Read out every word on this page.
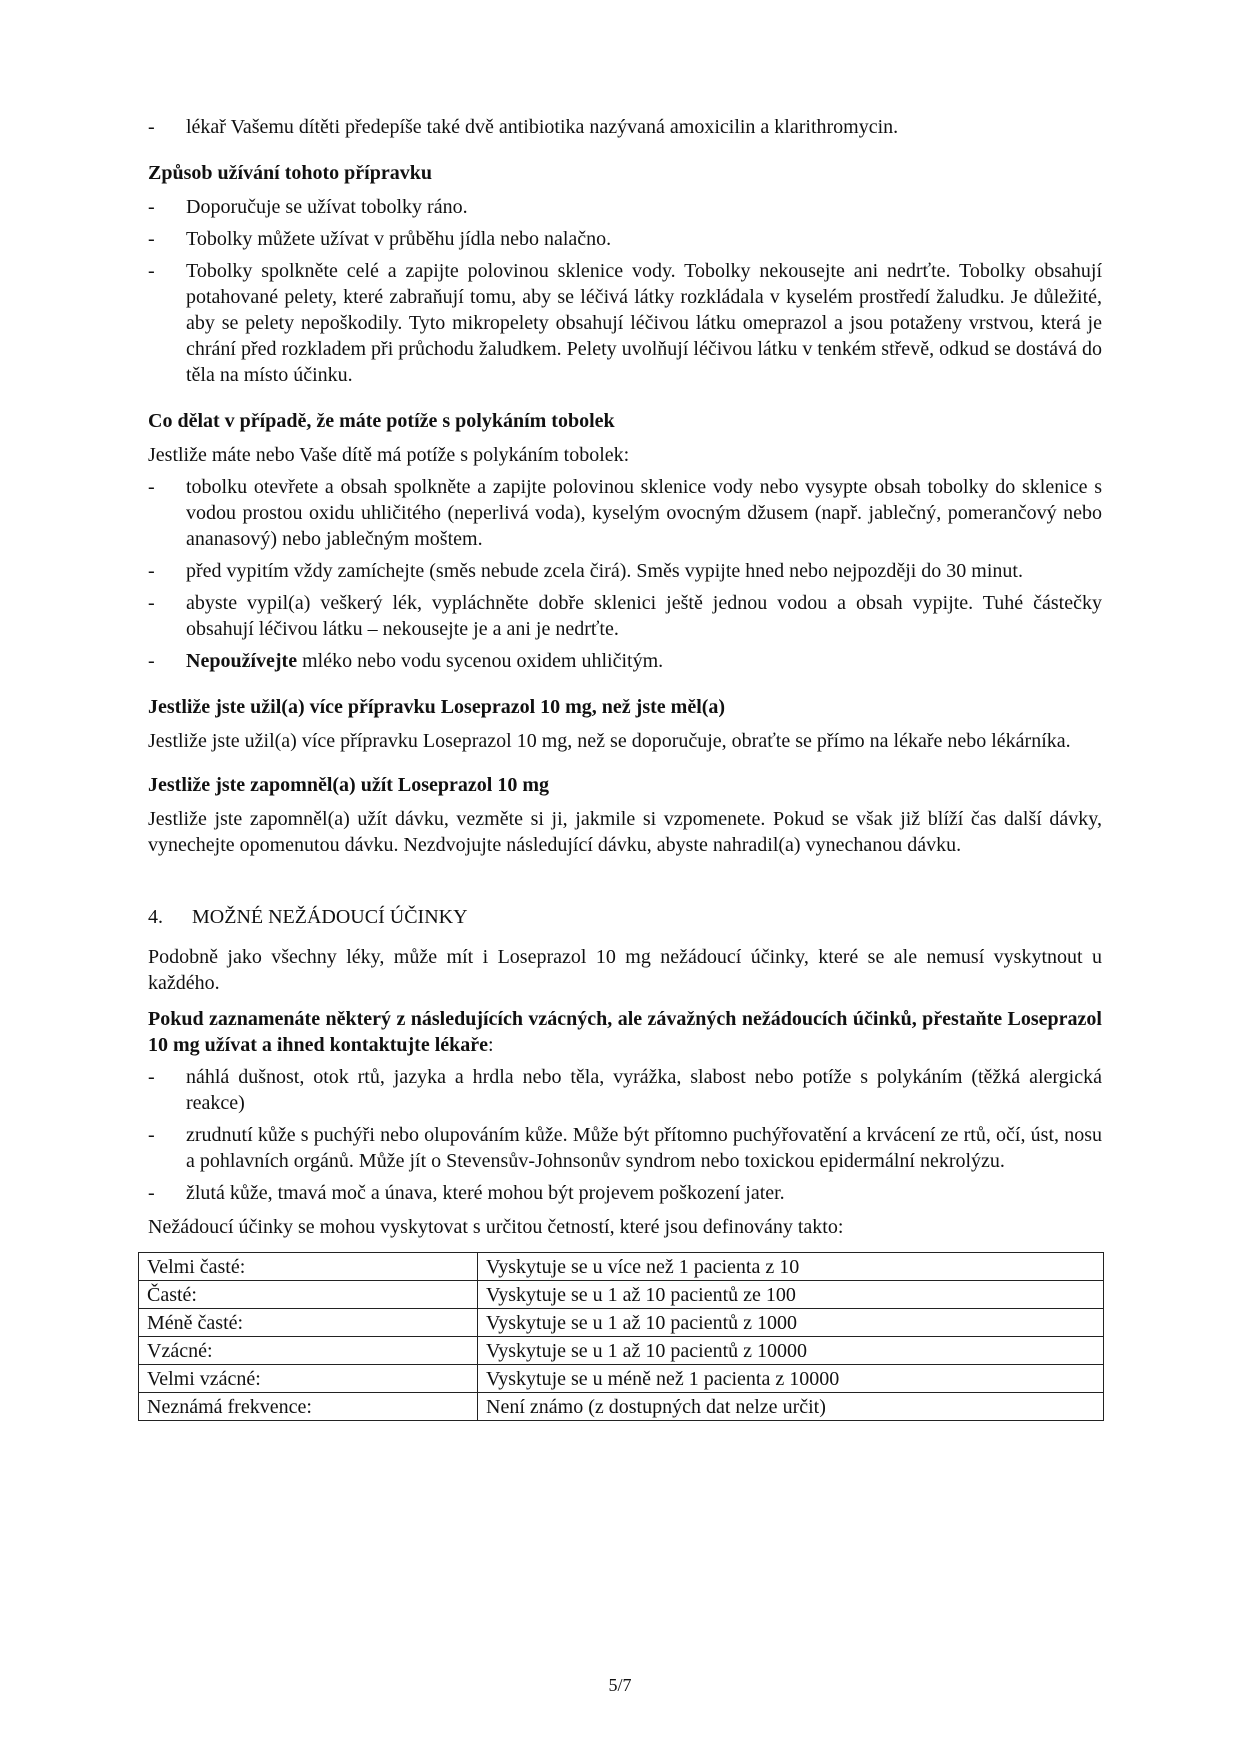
- lékař Vašemu dítěti předepíše také dvě antibiotika nazývaná amoxicilin a klarithromycin.

Způsob užívání tohoto přípravku

- Doporučuje se užívat tobolky ráno.
- Tobolky můžete užívat v průběhu jídla nebo nalačno.
- Tobolky spolkněte celé a zapijte polovinou sklenice vody. Tobolky nekousejte ani nedrťte. Tobolky obsahují potahované pelety, které zabraňují tomu, aby se léčivá látky rozkládala v kyselém prostředí žaludku. Je důležité, aby se pelety nepoškodily. Tyto mikropelety obsahují léčivou látku omeprazol a jsou potaženy vrstvou, která je chrání před rozkladem při průchodu žaludkem. Pelety uvolňují léčivou látku v tenkém střevě, odkud se dostává do těla na místo účinku.

Co dělat v případě, že máte potíže s polykáním tobolek

Jestliže máte nebo Vaše dítě má potíže s polykáním tobolek:

- tobolku otevřete a obsah spolkněte a zapijte polovinou sklenice vody nebo vysypte obsah tobolky do sklenice s vodou prostou oxidu uhličitého (neperlivá voda), kyselým ovocným džusem (např. jablečný, pomerančový nebo ananasový) nebo jablečným moštem.
- před vypitím vždy zamíchejte (směs nebude zcela čirá). Směs vypijte hned nebo nejpozději do 30 minut.
- abyste vypil(a) veškerý lék, vypláchněte dobře sklenici ještě jednou vodou a obsah vypijte. Tuhé částečky obsahují léčivou látku – nekousejte je a ani je nedrťte.
- Nepoužívejte mléko nebo vodu sycenou oxidem uhličitým.

Jestliže jste užil(a) více přípravku Loseprazol 10 mg, než jste měl(a)

Jestliže jste užil(a) více přípravku Loseprazol 10 mg, než se doporučuje, obraťte se přímo na lékaře nebo lékárníka.

Jestliže jste zapomněl(a) užít Loseprazol 10 mg

Jestliže jste zapomněl(a) užít dávku, vezměte si ji, jakmile si vzpomenete. Pokud se však již blíží čas další dávky, vynechejte opomenutou dávku. Nezdvojujte následující dávku, abyste nahradil(a) vynechanou dávku.

4.	MOŽNÉ NEŽÁDOUCÍ ÚČINKY

Podobně jako všechny léky, může mít i Loseprazol 10 mg nežádoucí účinky, které se ale nemusí vyskytnout u každého.

Pokud zaznamenáte některý z následujících vzácných, ale závažných nežádoucích účinků, přestaňte Loseprazol 10 mg užívat a ihned kontaktujte lékaře:

- náhlá dušnost, otok rtů, jazyka a hrdla nebo těla, vyrážka, slabost nebo potíže s polykáním (těžká alergická reakce)
- zrudnutí kůže s puchýři nebo olupováním kůže. Může být přítomno puchýřovatění a krvácení ze rtů, očí, úst, nosu a pohlavních orgánů. Může jít o Stevensův-Johnsonův syndrom nebo toxickou epidermální nekrolýzu.
- žlutá kůže, tmavá moč a únava, které mohou být projevem poškození jater.

Nežádoucí účinky se mohou vyskytovat s určitou četností, které jsou definovány takto:

Velmi časté:	Vyskytuje se u více než 1 pacienta z 10
Časté:	Vyskytuje se u 1 až 10 pacientů ze 100
Méně časté:	Vyskytuje se u 1 až 10 pacientů z 1000
Vzácné:	Vyskytuje se u 1 až 10 pacientů z 10000
Velmi vzácné:	Vyskytuje se u méně než 1 pacienta z 10000
Neznámá frekvence:	Není známo (z dostupných dat nelze určit)
5/7
